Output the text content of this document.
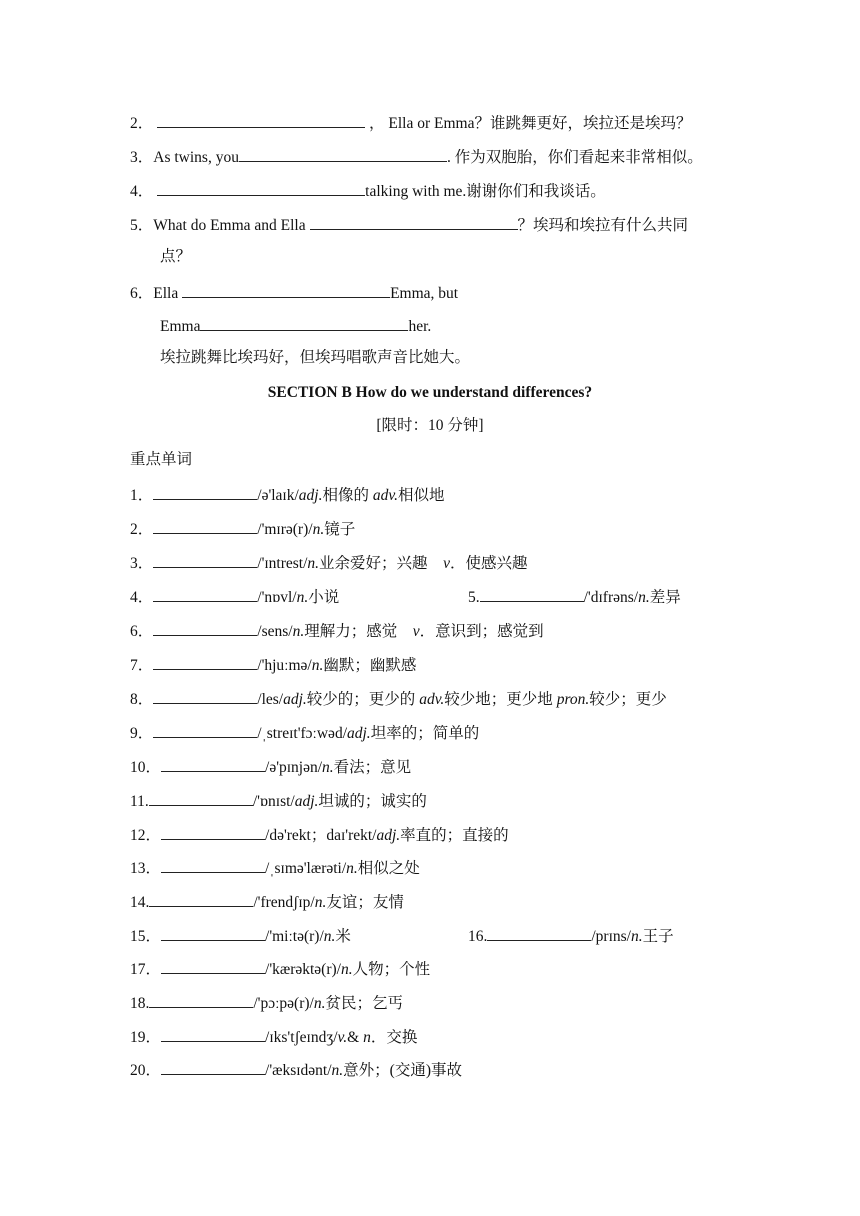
2．	， Ella or Emma？谁跳舞更好，埃拉还是埃玛？
3．As twins, you	. 作为双胞胎，你们看起来非常相似。
4．	talking with me.谢谢你们和我谈话。
5．What do Emma and Ella	？埃玛和埃拉有什么共同
点？
6．Ella	Emma, but
Emma	her.
埃拉跳舞比埃玛好，但埃玛唱歌声音比她大。
SECTION B How do we understand differences?
[限时：10 分钟]
重点单词
1．	/ə'laɪk/adj.相像的 adv.相似地
2．	/'mɪrə(r)/n.镜子
3．	/'ɪntrest/n.业余爱好；兴趣　v．使感兴趣
4．	/'nɒvl/n.小说	5.	/'dɪfrəns/n.差异
6．	/sens/n.理解力；感觉　v．意识到；感觉到
7．	/'hjuːmə/n.幽默；幽默感
8．	/les/adj.较少的；更少的 adv.较少地；更少地 pron.较少；更少
9．	/ˌstreɪt'fɔːwəd/adj.坦率的；简单的
10．	/ə'pɪnjən/n.看法；意见
11.	/'ɒnɪst/adj.坦诚的；诚实的
12．	/də'rekt；daɪ'rekt/adj.率直的；直接的
13．	/ˌsɪmə'lærəti/n.相似之处
14.	/'frendʃɪp/n.友谊；友情
15．	/'miːtə(r)/n.米	16.	/prɪns/n.王子
17．	/'kærəktə(r)/n.人物；个性
18.	/'pɔːpə(r)/n.贫民；乞丐
19．	/ɪks'tʃeɪndʒ/v.& n．交换
20．	/'æksɪdənt/n.意外；(交通)事故
